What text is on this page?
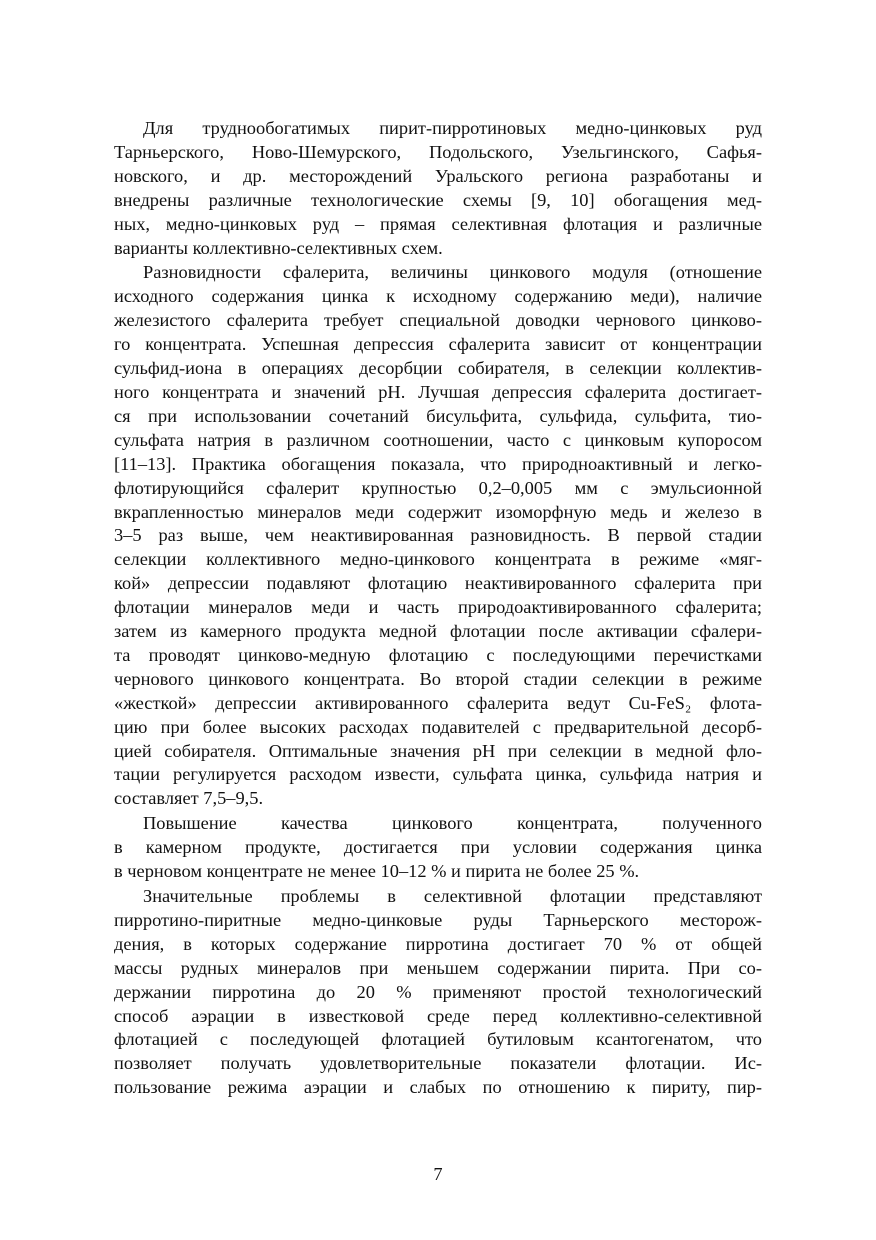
Для труднообогатимых пирит-пирротиновых медно-цинковых руд
Тарньерского, Ново-Шемурского, Подольского, Узельгинского, Сафья-
новского, и др. месторождений Уральского региона разработаны и
внедрены различные технологические схемы [9, 10] обогащения мед-
ных, медно-цинковых руд – прямая селективная флотация и различные
варианты коллективно-селективных схем.
Разновидности сфалерита, величины цинкового модуля (отношение
исходного содержания цинка к исходному содержанию меди), наличие
железистого сфалерита требует специальной доводки чернового цинково-
го концентрата. Успешная депрессия сфалерита зависит от концентрации
сульфид-иона в операциях десорбции собирателя, в селекции коллектив-
ного концентрата и значений pH. Лучшая депрессия сфалерита достигает-
ся при использовании сочетаний бисульфита, сульфида, сульфита, тио-
сульфата натрия в различном соотношении, часто с цинковым купоросом
[11–13]. Практика обогащения показала, что природноактивный и легко-
флотирующийся сфалерит крупностью 0,2–0,005 мм с эмульсионной
вкрапленностью минералов меди содержит изоморфную медь и железо в
3–5 раз выше, чем неактивированная разновидность. В первой стадии
селекции коллективного медно-цинкового концентрата в режиме «мяг-
кой» депрессии подавляют флотацию неактивированного сфалерита при
флотации минералов меди и часть природоактивированного сфалерита;
затем из камерного продукта медной флотации после активации сфалери-
та проводят цинково-медную флотацию с последующими перечистками
чернового цинкового концентрата. Во второй стадии селекции в режиме
«жесткой» депрессии активированного сфалерита ведут Cu-FeS₂ флота-
цию при более высоких расходах подавителей с предварительной десорб-
цией собирателя. Оптимальные значения pH при селекции в медной фло-
тации регулируется расходом извести, сульфата цинка, сульфида натрия и
составляет 7,5–9,5.
Повышение качества цинкового концентрата, полученного
в камерном продукте, достигается при условии содержания цинка
в черновом концентрате не менее 10–12 % и пирита не более 25 %.
Значительные проблемы в селективной флотации представляют
пирротино-пиритные медно-цинковые руды Тарньерского месторож-
дения, в которых содержание пирротина достигает 70 % от общей
массы рудных минералов при меньшем содержании пирита. При со-
держании пирротина до 20 % применяют простой технологический
способ аэрации в известковой среде перед коллективно-селективной
флотацией с последующей флотацией бутиловым ксантогенатом, что
позволяет получать удовлетворительные показатели флотации. Ис-
пользование режима аэрации и слабых по отношению к пириту, пир-
7
